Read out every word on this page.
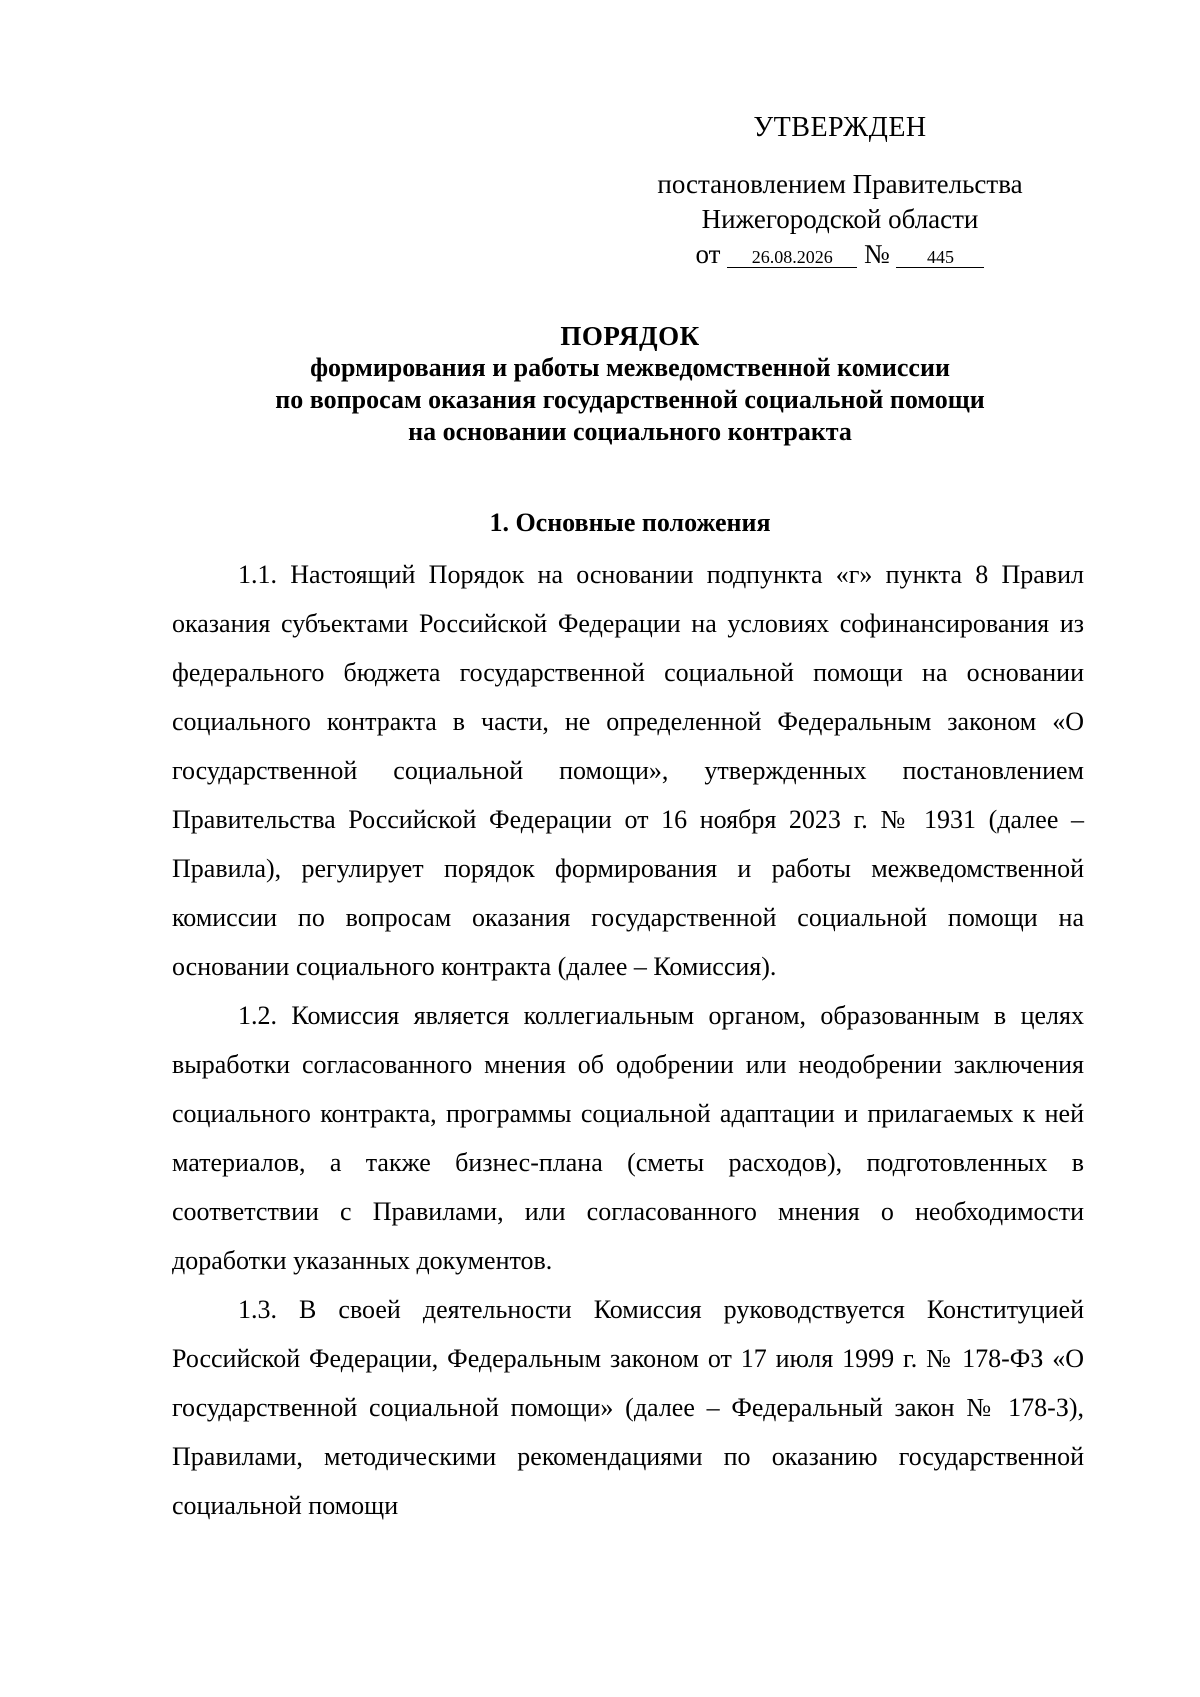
УТВЕРЖДЕН
постановлением Правительства
Нижегородской области
от 26.08.2026 № 445
ПОРЯДОК
формирования и работы межведомственной комиссии
по вопросам оказания государственной социальной помощи
на основании социального контракта
1. Основные положения

1.1. Настоящий Порядок на основании подпункта «г» пункта 8 Правил оказания субъектами Российской Федерации на условиях софинансирования из федерального бюджета государственной социальной помощи на основании социального контракта в части, не определенной Федеральным законом «О государственной социальной помощи», утвержденных постановлением Правительства Российской Федерации от 16 ноября 2023 г. № 1931 (далее – Правила), регулирует порядок формирования и работы межведомственной комиссии по вопросам оказания государственной социальной помощи на основании социального контракта (далее – Комиссия).

1.2. Комиссия является коллегиальным органом, образованным в целях выработки согласованного мнения об одобрении или неодобрении заключения социального контракта, программы социальной адаптации и прилагаемых к ней материалов, а также бизнес-плана (сметы расходов), подготовленных в соответствии с Правилами, или согласованного мнения о необходимости доработки указанных документов.

1.3. В своей деятельности Комиссия руководствуется Конституцией Российской Федерации, Федеральным законом от 17 июля 1999 г. № 178-ФЗ «О государственной социальной помощи» (далее – Федеральный закон № 178-З), Правилами, методическими рекомендациями по оказанию государственной социальной помощи
